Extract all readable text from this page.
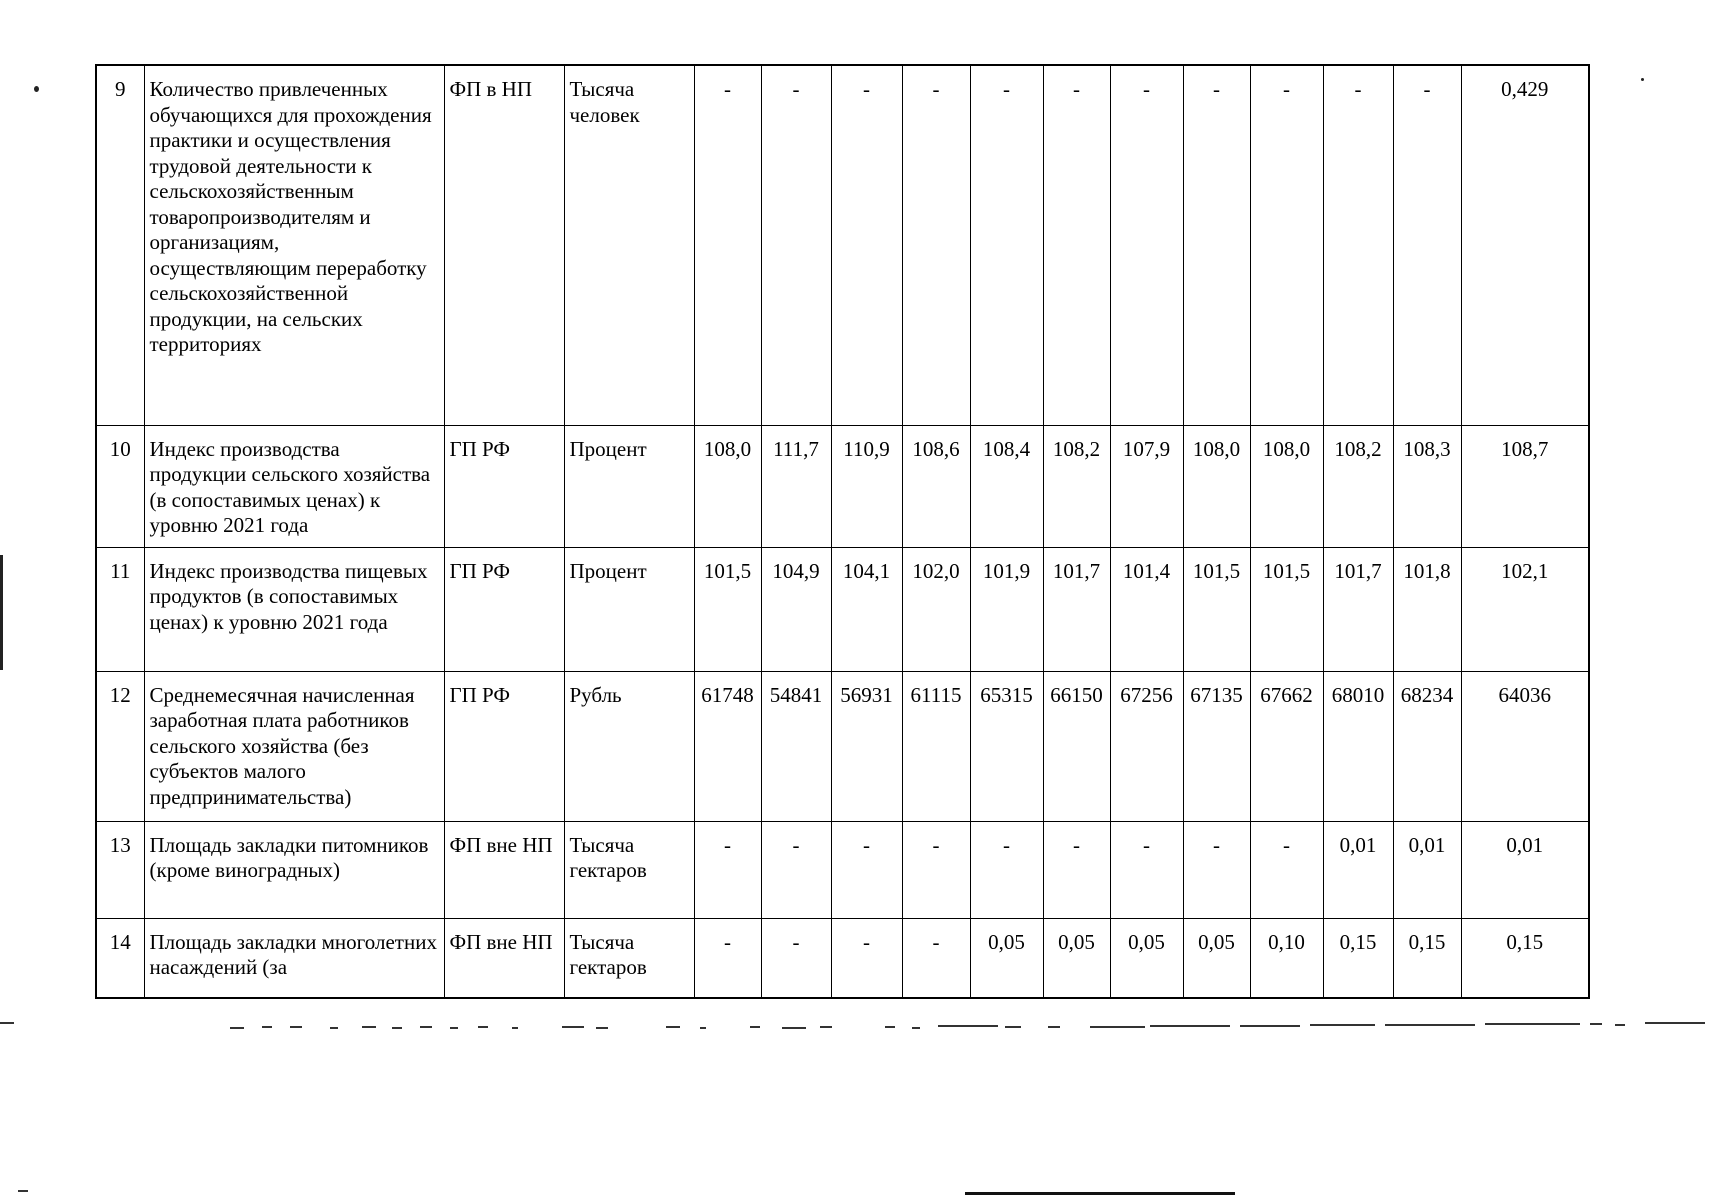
9	Количество привлеченных обучающихся для прохождения практики и осуществления трудовой деятельности к сельскохозяйственным товаропроизводителям и организациям, осуществляющим переработку сельскохозяйственной продукции, на сельских территориях	ФП в НП	Тысяча человек	-	-	-	-	-	-	-	-	-	-	-	0,429
10	Индекс производства продукции сельского хозяйства (в сопоставимых ценах) к уровню 2021 года	ГП РФ	Процент	108,0	111,7	110,9	108,6	108,4	108,2	107,9	108,0	108,0	108,2	108,3	108,7
11	Индекс производства пищевых продуктов (в сопоставимых ценах) к уровню 2021 года	ГП РФ	Процент	101,5	104,9	104,1	102,0	101,9	101,7	101,4	101,5	101,5	101,7	101,8	102,1
12	Среднемесячная начисленная заработная плата работников сельского хозяйства (без субъектов малого предпринимательства)	ГП РФ	Рубль	61748	54841	56931	61115	65315	66150	67256	67135	67662	68010	68234	64036
13	Площадь закладки питомников (кроме виноградных)	ФП вне НП	Тысяча гектаров	-	-	-	-	-	-	-	-	-	0,01	0,01	0,01
14	Площадь закладки многолетних насаждений (за	ФП вне НП	Тысяча гектаров	-	-	-	-	0,05	0,05	0,05	0,05	0,10	0,15	0,15	0,15
